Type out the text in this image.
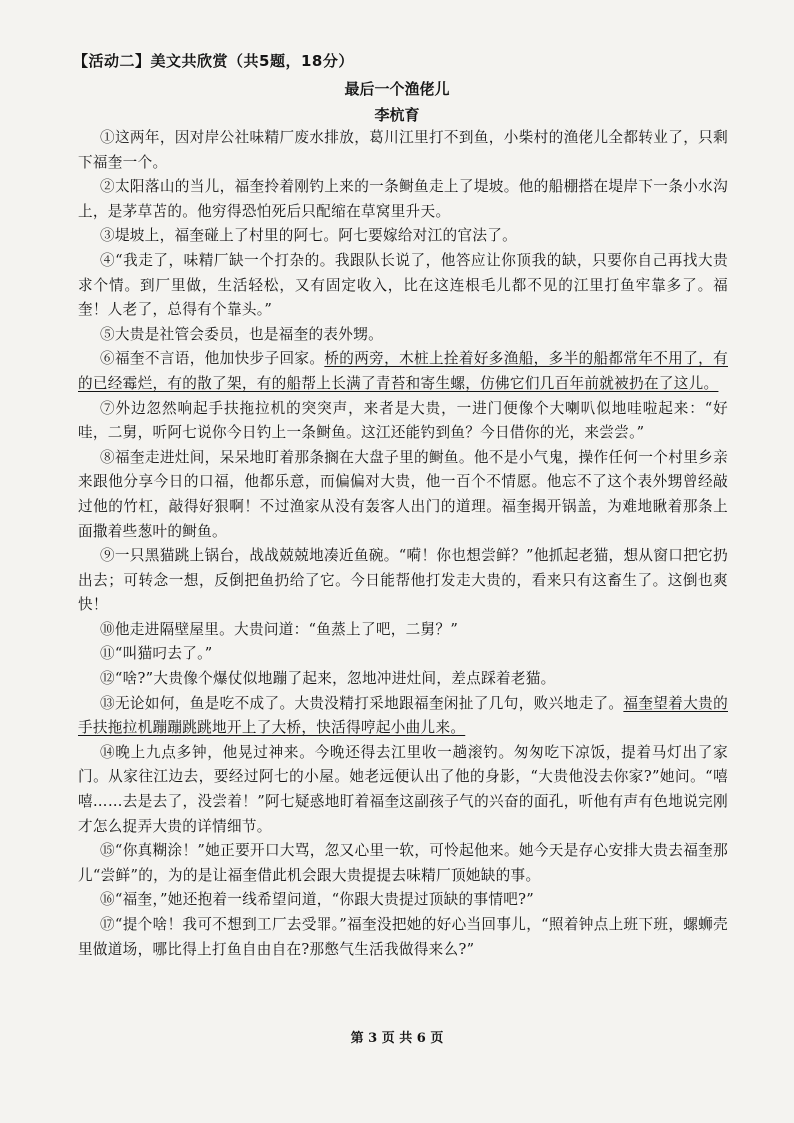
【活动二】美文共欣赏（共5题，18分）
最后一个渔佬儿
李杭育

①这两年，因对岸公社味精厂废水排放，葛川江里打不到鱼，小柴村的渔佬儿全都转业了，只剩下福奎一个。

②太阳落山的当儿，福奎拎着刚钓上来的一条鲥鱼走上了堤坡。他的船棚搭在堤岸下一条小水沟上，是茅草苫的。他穷得恐怕死后只配缩在草窝里升天。

③堤坡上，福奎碰上了村里的阿七。阿七要嫁给对江的官法了。

④“我走了，味精厂缺一个打杂的。我跟队长说了，他答应让你顶我的缺，只要你自己再找大贵求个情。到厂里做，生活轻松，又有固定收入，比在这连根毛儿都不见的江里打鱼牢靠多了。福奎！人老了，总得有个靠头。”

⑤大贵是社管会委员，也是福奎的表外甥。

⑥福奎不言语，他加快步子回家。桥的两旁，木桩上拴着好多渔船，多半的船都常年不用了，有的已经霉烂，有的散了架，有的船帮上长满了青苔和寄生螺，仿佛它们几百年前就被扔在了这儿。

⑦外边忽然响起手扶拖拉机的突突声，来者是大贵，一进门便像个大喇叭似地哇啦起来：“好哇，二舅，听阿七说你今日钓上一条鲥鱼。这江还能钓到鱼？今日借你的光，来尝尝。”

⑧福奎走进灶间，呆呆地盯着那条搁在大盘子里的鲥鱼。他不是小气鬼，操作任何一个村里乡亲来跟他分享今日的口福，他都乐意，而偏偏对大贵，他一百个不情愿。他忘不了这个表外甥曾经敲过他的竹杠，敲得好狠啊！不过渔家从没有轰客人出门的道理。福奎揭开锅盖，为难地瞅着那条上面撒着些葱叶的鲥鱼。

⑨一只黑猫跳上锅台，战战兢兢地凑近鱼碗。“嗬！你也想尝鲜？”他抓起老猫，想从窗口把它扔出去；可转念一想，反倒把鱼扔给了它。今日能帮他打发走大贵的，看来只有这畜生了。这倒也爽快！

⑩他走进隔壁屋里。大贵问道：“鱼蒸上了吧，二舅？”

⑪“叫猫叼去了。”

⑫“啥?”大贵像个爆仗似地蹦了起来，忽地冲进灶间，差点踩着老猫。

⑬无论如何，鱼是吃不成了。大贵没精打采地跟福奎闲扯了几句，败兴地走了。福奎望着大贵的手扶拖拉机蹦蹦跳跳地开上了大桥，快活得哼起小曲儿来。

⑭晚上九点多钟，他晃过神来。今晚还得去江里收一趟滚钓。匆匆吃下凉饭，提着马灯出了家门。从家往江边去，要经过阿七的小屋。她老远便认出了他的身影，“大贵他没去你家?”她问。“嘻嘻……去是去了，没尝着！”阿七疑惑地盯着福奎这副孩子气的兴奋的面孔，听他有声有色地说完刚才怎么捉弄大贵的详情细节。

⑮“你真糊涂！”她正要开口大骂，忽又心里一软，可怜起他来。她今天是存心安排大贵去福奎那儿“尝鲜”的，为的是让福奎借此机会跟大贵提提去味精厂顶她缺的事。

⑯“福奎，”她还抱着一线希望问道，“你跟大贵提过顶缺的事情吧?”

⑰“提个啥！我可不想到工厂去受罪。”福奎没把她的好心当回事儿，“照着钟点上班下班，螺蛳壳里做道场，哪比得上打鱼自由自在?那憋气生活我做得来么?”

第 3 页 共 6 页
